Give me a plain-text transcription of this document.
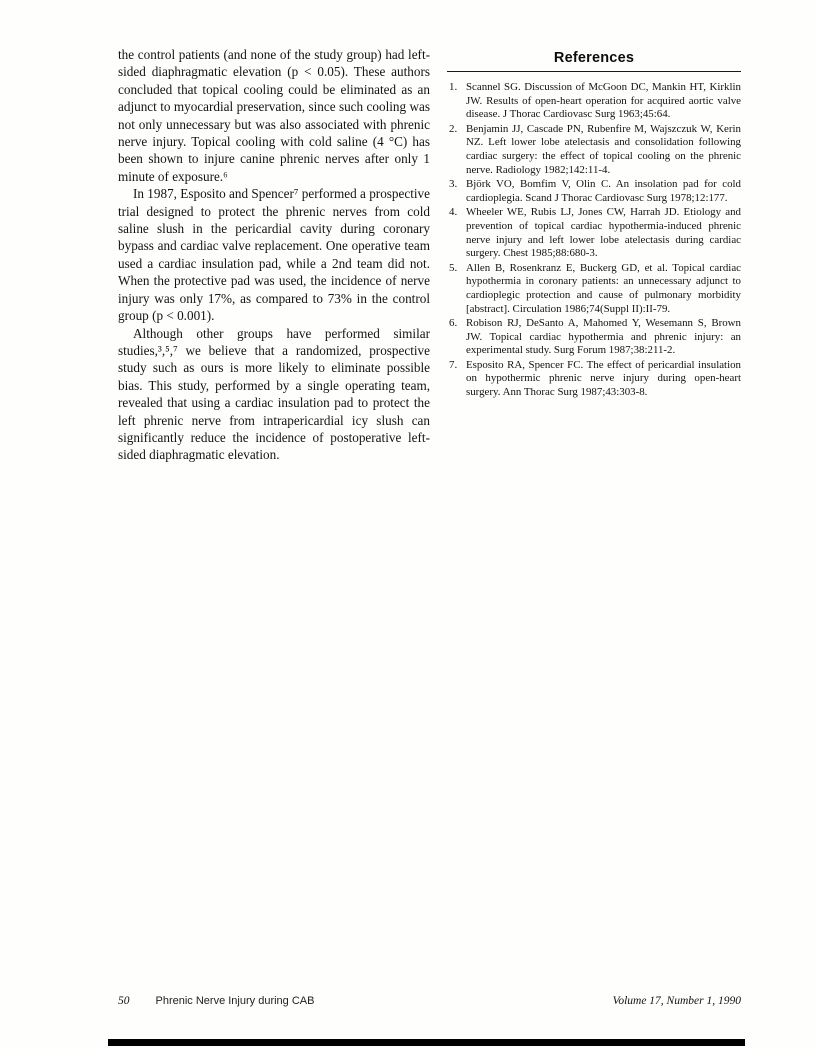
the control patients (and none of the study group) had left-sided diaphragmatic elevation (p < 0.05). These authors concluded that topical cooling could be eliminated as an adjunct to myocardial preservation, since such cooling was not only unnecessary but was also associated with phrenic nerve injury. Topical cooling with cold saline (4 °C) has been shown to injure canine phrenic nerves after only 1 minute of exposure.⁶

In 1987, Esposito and Spencer⁷ performed a prospective trial designed to protect the phrenic nerves from cold saline slush in the pericardial cavity during coronary bypass and cardiac valve replacement. One operative team used a cardiac insulation pad, while a 2nd team did not. When the protective pad was used, the incidence of nerve injury was only 17%, as compared to 73% in the control group (p < 0.001).

Although other groups have performed similar studies,³,⁵,⁷ we believe that a randomized, prospective study such as ours is more likely to eliminate possible bias. This study, performed by a single operating team, revealed that using a cardiac insulation pad to protect the left phrenic nerve from intrapericardial icy slush can significantly reduce the incidence of postoperative left-sided diaphragmatic elevation.

References
1. Scannel SG. Discussion of McGoon DC, Mankin HT, Kirklin JW. Results of open-heart operation for acquired aortic valve disease. J Thorac Cardiovasc Surg 1963;45:64.
2. Benjamin JJ, Cascade PN, Rubenfire M, Wajszczuk W, Kerin NZ. Left lower lobe atelectasis and consolidation following cardiac surgery: the effect of topical cooling on the phrenic nerve. Radiology 1982;142:11-4.
3. Björk VO, Bomfim V, Olin C. An insolation pad for cold cardioplegia. Scand J Thorac Cardiovasc Surg 1978;12:177.
4. Wheeler WE, Rubis LJ, Jones CW, Harrah JD. Etiology and prevention of topical cardiac hypothermia-induced phrenic nerve injury and left lower lobe atelectasis during cardiac surgery. Chest 1985;88:680-3.
5. Allen B, Rosenkranz E, Buckerg GD, et al. Topical cardiac hypothermia in coronary patients: an unnecessary adjunct to cardioplegic protection and cause of pulmonary morbidity [abstract]. Circulation 1986;74(Suppl II):II-79.
6. Robison RJ, DeSanto A, Mahomed Y, Wesemann S, Brown JW. Topical cardiac hypothermia and phrenic injury: an experimental study. Surg Forum 1987;38:211-2.
7. Esposito RA, Spencer FC. The effect of pericardial insulation on hypothermic phrenic nerve injury during open-heart surgery. Ann Thorac Surg 1987;43:303-8.
50 Phrenic Nerve Injury during CAB	Volume 17, Number 1, 1990
